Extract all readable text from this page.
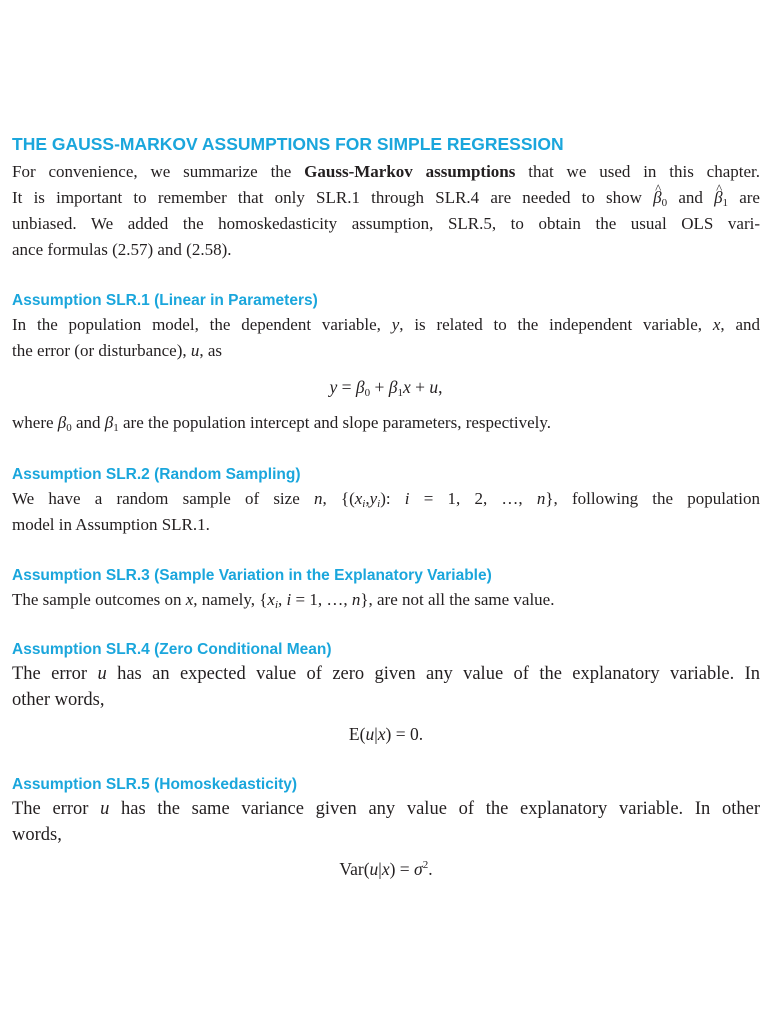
THE GAUSS-MARKOV ASSUMPTIONS FOR SIMPLE REGRESSION
For convenience, we summarize the Gauss-Markov assumptions that we used in this chapter.
It is important to remember that only SLR.1 through SLR.4 are needed to show ^ $\beta_0$ and ^ $\beta_1$ are
unbiased. We added the homoskedasticity assumption, SLR.5, to obtain the usual OLS vari-
ance formulas (2.57) and (2.58).
Assumption SLR.1 (Linear in Parameters)
In the population model, the dependent variable, y, is related to the independent variable, x, and
the error (or disturbance), u, as
$y = \beta_0 + \beta_1x + u$,
where $\beta_0$ and $\beta_1$ are the population intercept and slope parameters, respectively.
Assumption SLR.2 (Random Sampling)
We have a random sample of size n, {$(x_i,y_i)$: i = 1, 2, …, n}, following the population
model in Assumption SLR.1.
Assumption SLR.3 (Sample Variation in the Explanatory Variable)
The sample outcomes on x, namely, {$x_i$, i = 1, …, n}, are not all the same value.
Assumption SLR.4 (Zero Conditional Mean)
The error u has an expected value of zero given any value of the explanatory variable. In
other words,
E(u|x) = 0.
Assumption SLR.5 (Homoskedasticity)
The error u has the same variance given any value of the explanatory variable. In other
words,
$Var(u|x) = \sigma^2$.
